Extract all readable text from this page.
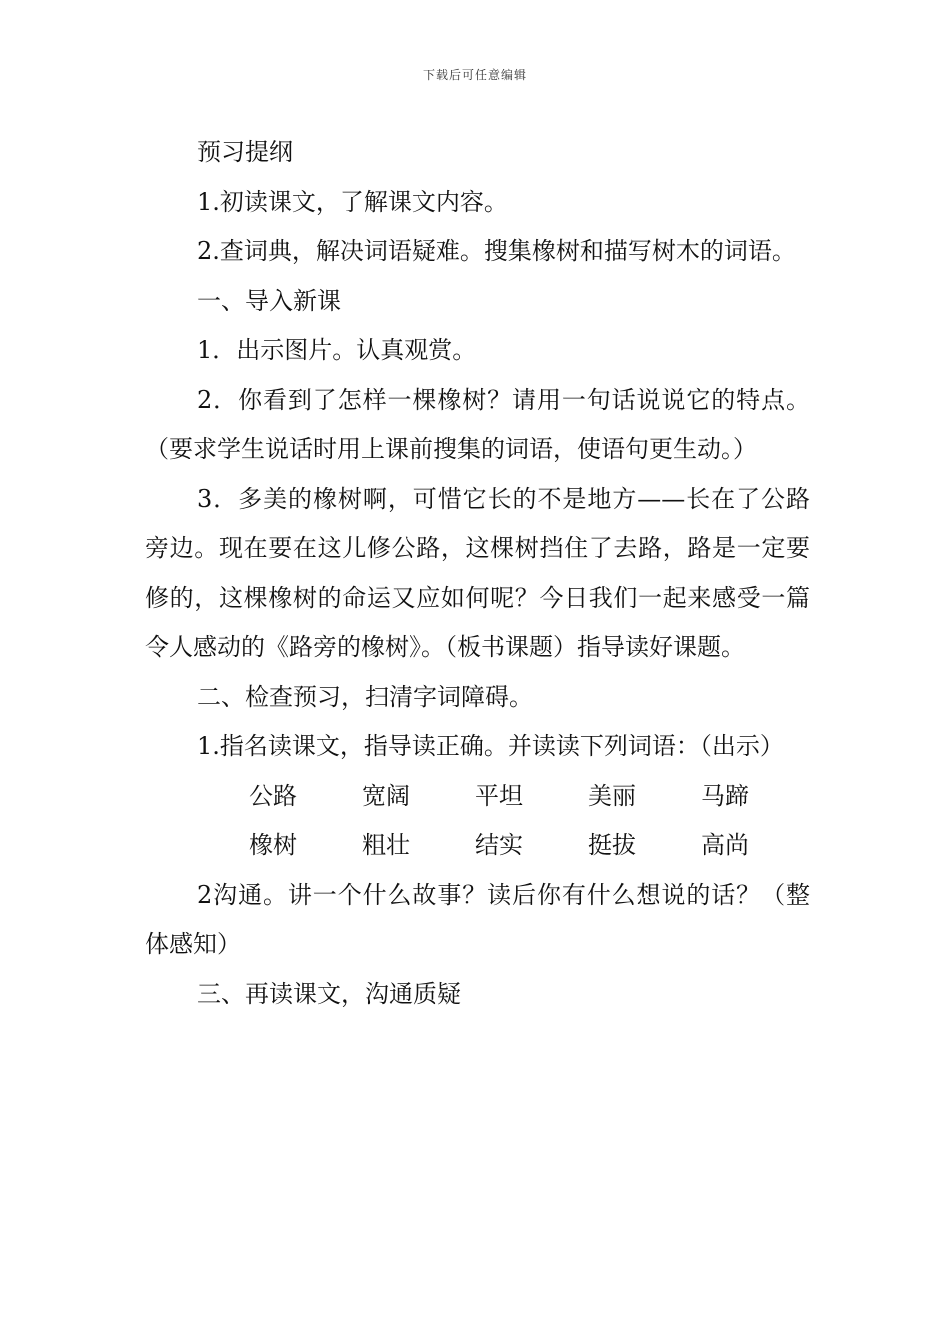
下载后可任意编辑

预习提纲

1.初读课文，了解课文内容。

2.查词典，解决词语疑难。搜集橡树和描写树木的词语。

一、导入新课

1．出示图片。认真观赏。

2．你看到了怎样一棵橡树？请用一句话说说它的特点。（要求学生说话时用上课前搜集的词语，使语句更生动。）

3．多美的橡树啊，可惜它长的不是地方——长在了公路旁边。现在要在这儿修公路，这棵树挡住了去路，路是一定要修的，这棵橡树的命运又应如何呢？今日我们一起来感受一篇令人感动的《路旁的橡树》。（板书课题）指导读好课题。

二、检查预习，扫清字词障碍。

1.指名读课文，指导读正确。并读读下列词语：（出示）

公路	宽阔	平坦	美丽	马蹄

橡树	粗壮	结实	挺拔	高尚

2沟通。讲一个什么故事？读后你有什么想说的话？（整体感知）

三、再读课文，沟通质疑
